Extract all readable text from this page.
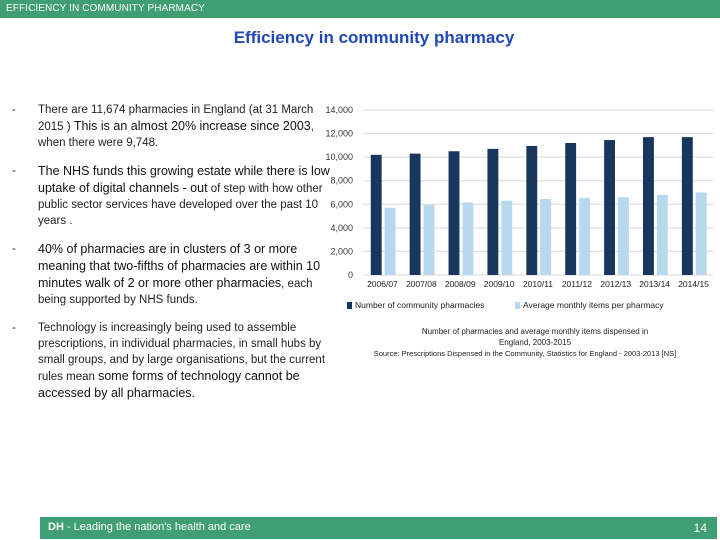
EFFICIENCY IN COMMUNITY PHARMACY
Efficiency in community pharmacy
- There are 11,674 pharmacies in England (at 31 March 2015 ) This is an almost 20% increase since 2003, when there were 9,748.
- The NHS funds this growing estate while there is low uptake of digital channels - out of step with how other public sector services have developed over the past 10 years .
- 40% of pharmacies are in clusters of 3 or more meaning that two-fifths of pharmacies are within 10 minutes walk of 2 or more other pharmacies, each being supported by NHS funds.
- Technology is increasingly being used to assemble prescriptions, in individual pharmacies, in small hubs by small groups, and by large organisations, but the current rules mean some forms of technology cannot be accessed by all pharmacies.
0
2,000
4,000
6,000
8,000
10,000
12,000
14,000
2006/07 2007/08 2008/09 2009/10 2010/11 2011/12 2012/13 2013/14 2014/15
Number of community pharmacies	Average monthly items per pharmacy
Number of pharmacies and average monthly items dispensed in England, 2003-2015
Source: Prescriptions Dispensed in the Community, Statistics for England - 2003-2013 [NS]
DH - Leading the nation's health and care	14
